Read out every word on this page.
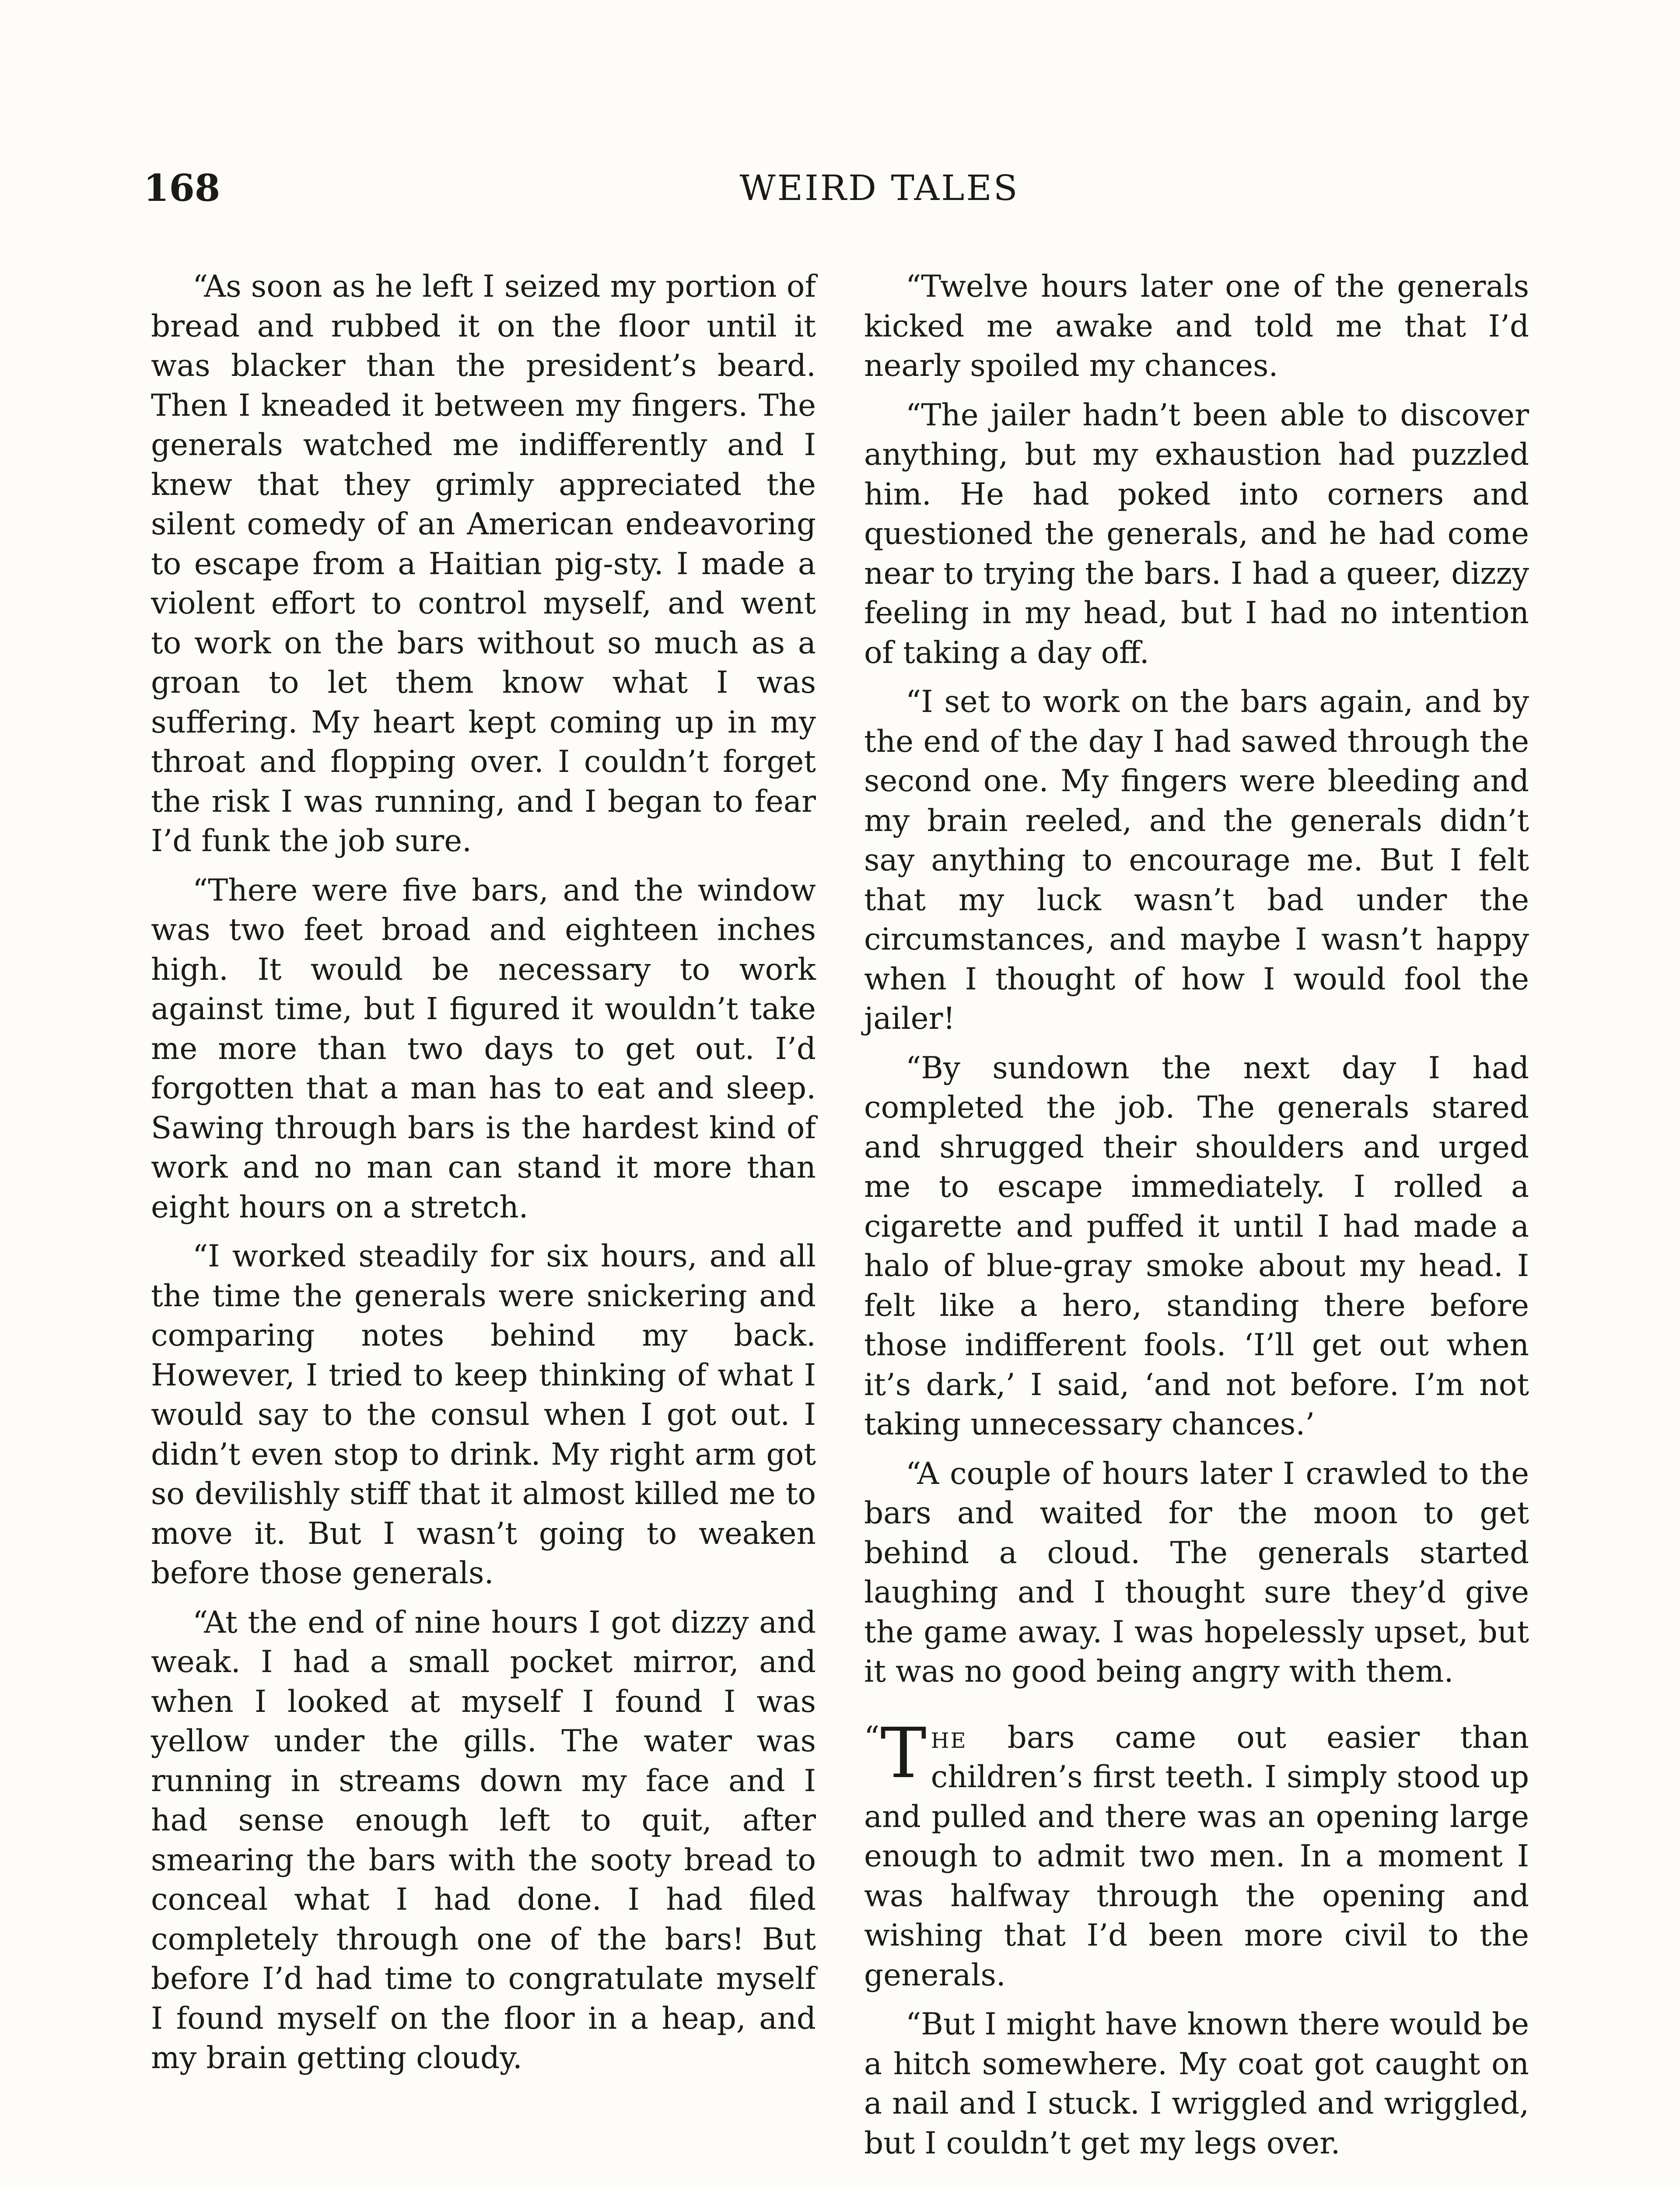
168	WEIRD TALES

“As soon as he left I seized my portion of bread and rubbed it on the floor until it was blacker than the president’s beard. Then I kneaded it between my fingers. The generals watched me indifferently and I knew that they grimly appreciated the silent comedy of an American endeavoring to escape from a Haitian pig-sty. I made a violent effort to control myself, and went to work on the bars without so much as a groan to let them know what I was suffering. My heart kept coming up in my throat and flopping over. I couldn’t forget the risk I was running, and I began to fear I’d funk the job sure.

“There were five bars, and the window was two feet broad and eighteen inches high. It would be necessary to work against time, but I figured it wouldn’t take me more than two days to get out. I’d forgotten that a man has to eat and sleep. Sawing through bars is the hardest kind of work and no man can stand it more than eight hours on a stretch.

“I worked steadily for six hours, and all the time the generals were snickering and comparing notes behind my back. However, I tried to keep thinking of what I would say to the consul when I got out. I didn’t even stop to drink. My right arm got so devilishly stiff that it almost killed me to move it. But I wasn’t going to weaken before those generals.

“At the end of nine hours I got dizzy and weak. I had a small pocket mirror, and when I looked at myself I found I was yellow under the gills. The water was running in streams down my face and I had sense enough left to quit, after smearing the bars with the sooty bread to conceal what I had done. I had filed completely through one of the bars! But before I’d had time to congratulate myself I found myself on the floor in a heap, and my brain getting cloudy.

“Twelve hours later one of the generals kicked me awake and told me that I’d nearly spoiled my chances.

“The jailer hadn’t been able to discover anything, but my exhaustion had puzzled him. He had poked into corners and questioned the generals, and he had come near to trying the bars. I had a queer, dizzy feeling in my head, but I had no intention of taking a day off.

“I set to work on the bars again, and by the end of the day I had sawed through the second one. My fingers were bleeding and my brain reeled, and the generals didn’t say anything to encourage me. But I felt that my luck wasn’t bad under the circumstances, and maybe I wasn’t happy when I thought of how I would fool the jailer!

“By sundown the next day I had completed the job. The generals stared and shrugged their shoulders and urged me to escape immediately. I rolled a cigarette and puffed it until I had made a halo of blue-gray smoke about my head. I felt like a hero, standing there before those indifferent fools. ‘I’ll get out when it’s dark,’ I said, ‘and not before. I’m not taking unnecessary chances.’

“A couple of hours later I crawled to the bars and waited for the moon to get behind a cloud. The generals started laughing and I thought sure they’d give the game away. I was hopelessly upset, but it was no good being angry with them.

“ T he bars came out easier than children’s first teeth. I simply stood up and pulled and there was an opening large enough to admit two men. In a moment I was halfway through the opening and wishing that I’d been more civil to the generals.

“But I might have known there would be a hitch somewhere. My coat got caught on a nail and I stuck. I wriggled and wriggled, but I couldn’t get my legs over.
